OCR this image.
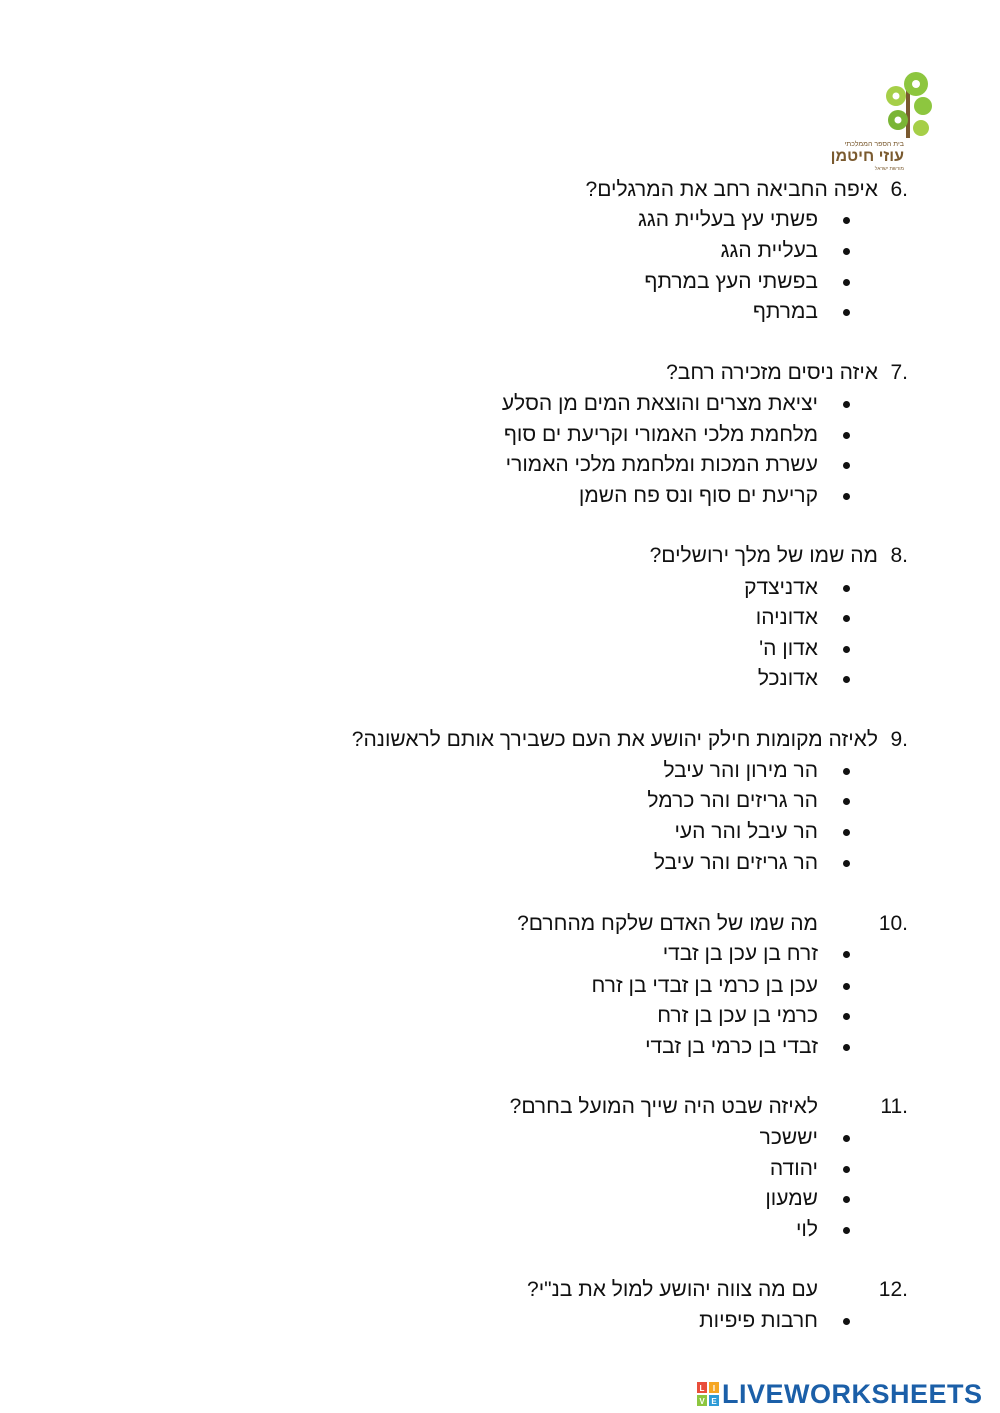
בית הספר הממלכתי
עוזי חיטמן
מורשת ישראל
6.
איפה החביאה רחב את המרגלים?
פשתי עץ בעליית הגג
בעליית הגג
בפשתי העץ במרתף
במרתף
7.
איזה ניסים מזכירה רחב?
יציאת מצרים והוצאת המים מן הסלע
מלחמת מלכי האמורי וקריעת ים סוף
עשרת המכות ומלחמת מלכי האמורי
קריעת ים סוף ונס פח השמן
8.
מה שמו של מלך ירושלים?
אדניצדק
אדוניהו
אדון ה'
אדונכל
9.
לאיזה מקומות חילק יהושע את העם כשבירך אותם לראשונה?
הר מירון והר עיבל
הר גריזים והר כרמל
הר עיבל והר העי
הר גריזים והר עיבל
10.
מה שמו של האדם שלקח מהחרם?
זרח בן עכן בן זבדי
עכן בן כרמי בן זבדי בן זרח
כרמי בן עכן בן זרח
זבדי בן כרמי בן זבדי
11.
לאיזה שבט היה שייך המועל בחרם?
יששכר
יהודה
שמעון
לוי
12.
עם מה צווה יהושע למול את בנ"י?
חרבות פיפיות
L I
V E LIVEWORKSHEETS
